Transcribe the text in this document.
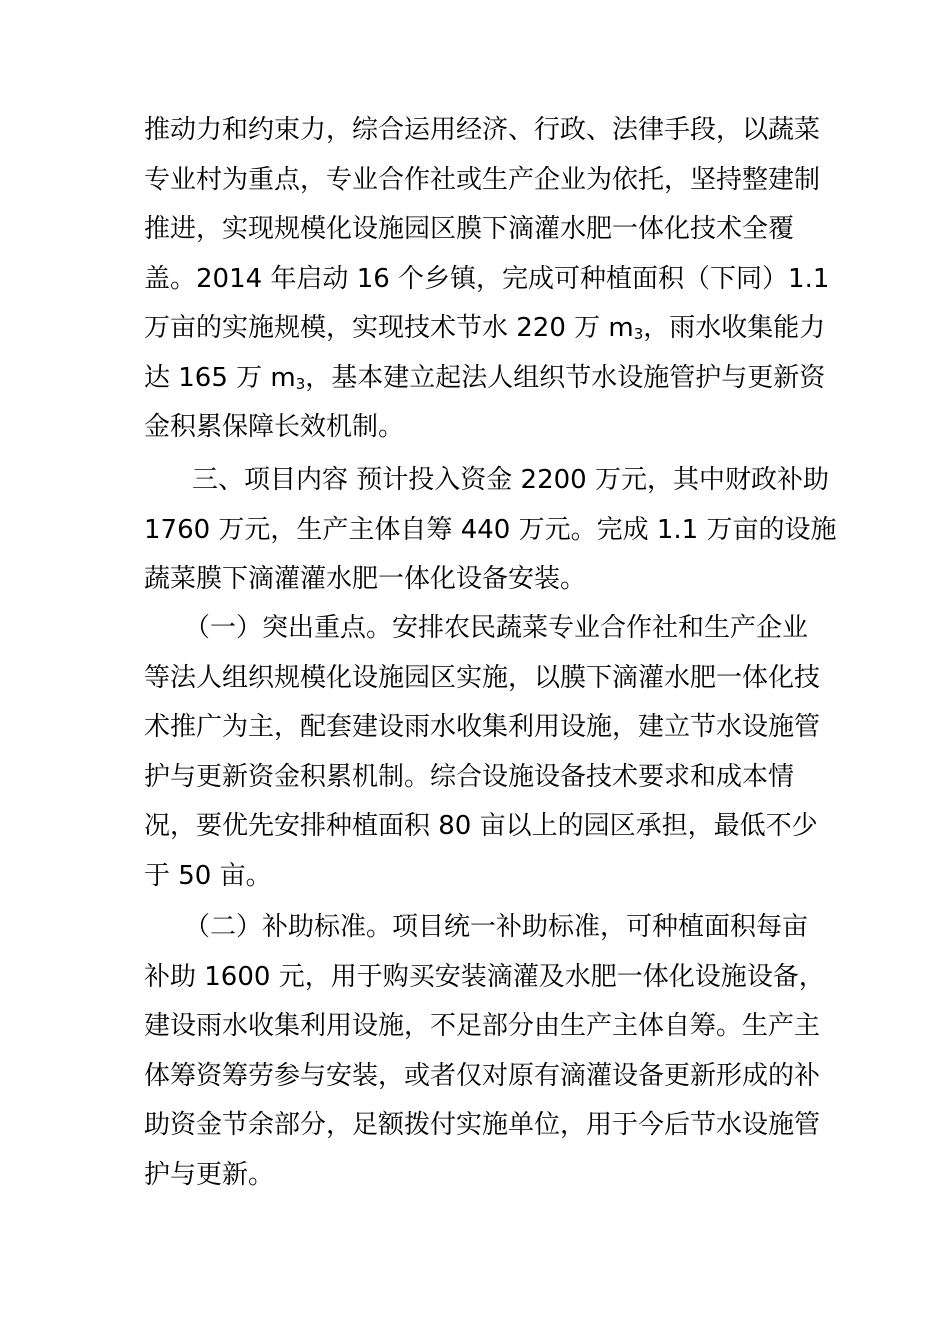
推动力和约束力，综合运用经济、行政、法律手段，以蔬菜
专业村为重点，专业合作社或生产企业为依托，坚持整建制
推进，实现规模化设施园区膜下滴灌水肥一体化技术全覆
盖。2014 年启动 16 个乡镇，完成可种植面积（下同）1.1
万亩的实施规模，实现技术节水 220 万 $m_3$，雨水收集能力
达 165 万 $m_3$，基本建立起法人组织节水设施管护与更新资
金积累保障长效机制。
三、项目内容 预计投入资金 2200 万元，其中财政补助
1760 万元，生产主体自筹 440 万元。完成 1.1 万亩的设施
蔬菜膜下滴灌灌水肥一体化设备安装。
（一）突出重点。安排农民蔬菜专业合作社和生产企业
等法人组织规模化设施园区实施，以膜下滴灌水肥一体化技
术推广为主，配套建设雨水收集利用设施，建立节水设施管
护与更新资金积累机制。综合设施设备技术要求和成本情
况，要优先安排种植面积 80 亩以上的园区承担，最低不少
于 50 亩。
（二）补助标准。项目统一补助标准，可种植面积每亩
补助 1600 元，用于购买安装滴灌及水肥一体化设施设备，
建设雨水收集利用设施，不足部分由生产主体自筹。生产主
体筹资筹劳参与安装，或者仅对原有滴灌设备更新形成的补
助资金节余部分，足额拨付实施单位，用于今后节水设施管
护与更新。
